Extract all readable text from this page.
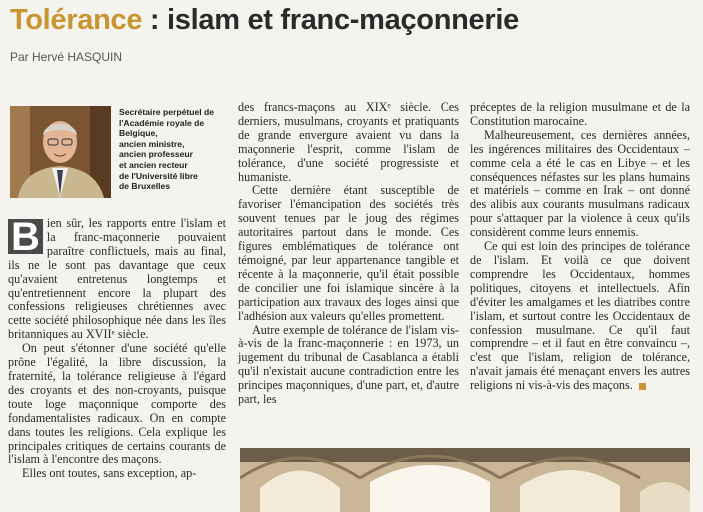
Tolérance : islam et franc-maçonnerie
Par Hervé HASQUIN
Secrétaire perpétuel de
l'Académie royale de
Belgique,
ancien ministre,
ancien professeur
et ancien recteur
de l'Université libre
de Bruxelles

B ien sûr, les rapports entre l'islam et la franc-maçonnerie pouvaient paraître conflictuels, mais au final, ils ne le sont pas davantage que ceux qu'avaient entretenus longtemps et qu'entretiennent encore la plupart des confessions religieuses chrétiennes avec cette société philosophique née dans les îles britanniques au XVIIᵉ siècle.

On peut s'étonner d'une société qu'elle prône l'égalité, la libre discussion, la fraternité, la tolérance religieuse à l'égard des croyants et des non-croyants, puisque toute loge maçonnique comporte des fondamentalistes radicaux. On en compte dans toutes les religions. Cela explique les principales critiques de certains courants de l'islam à l'encontre des maçons.

Elles ont toutes, sans exception, ap-

des francs-maçons au XIXᵉ siècle. Ces derniers, musulmans, croyants et pratiquants de grande envergure avaient vu dans la maçonnerie l'esprit, comme l'islam de tolérance, d'une société progressiste et humaniste.

Cette dernière étant susceptible de favoriser l'émancipation des sociétés très souvent tenues par le joug des régimes autoritaires partout dans le monde. Ces figures emblématiques de tolérance ont témoigné, par leur appartenance tangible et récente à la maçonnerie, qu'il était possible de concilier une foi islamique sincère à la participation aux travaux des loges ainsi que l'adhésion aux valeurs qu'elles promettent.

Autre exemple de tolérance de l'islam vis-à-vis de la franc-maçonnerie : en 1973, un jugement du tribunal de Casablanca a établi qu'il n'existait aucune contradiction entre les principes maçonniques, d'une part, et, d'autre part, les

préceptes de la religion musulmane et de la Constitution marocaine.

Malheureusement, ces dernières années, les ingérences militaires des Occidentaux – comme cela a été le cas en Libye – et les conséquences néfastes sur les plans humains et matériels – comme en Irak – ont donné des alibis aux courants musulmans radicaux pour s'attaquer par la violence à ceux qu'ils considèrent comme leurs ennemis.

Ce qui est loin des principes de tolérance de l'islam. Et voilà ce que doivent comprendre les Occidentaux, hommes politiques, citoyens et intellectuels. Afin d'éviter les amalgames et les diatribes contre l'islam, et surtout contre les Occidentaux de confession musulmane. Ce qu'il faut comprendre – et il faut en être convaincu –, c'est que l'islam, religion de tolérance, n'avait jamais été menaçant envers les autres religions ni vis-à-vis des maçons.
